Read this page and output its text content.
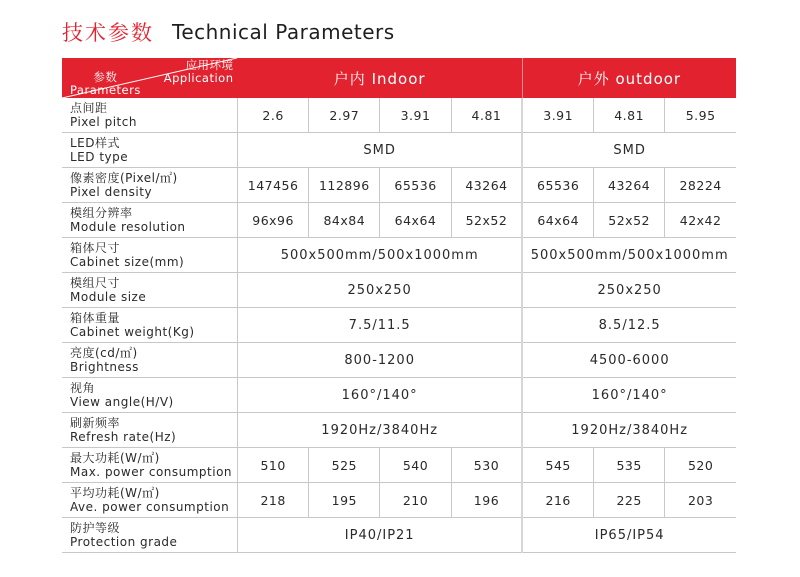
技术参数 Technical Parameters
应用环境
Application
参数
Parameters	户内 Indoor				户外 outdoor		

点间距
Pixel pitch	2.6	2.97	3.91	4.81	3.91	4.81	5.95

LED样式
LED type	SMD				SMD		

像素密度(Pixel/㎡)
Pixel density	147456	112896	65536	43264	65536	43264	28224

模组分辨率
Module resolution	96x96	84x84	64x64	52x52	64x64	52x52	42x42

箱体尺寸
Cabinet size(mm)	500x500mm/500x1000mm				500x500mm/500x1000mm		

模组尺寸
Module size	250x250				250x250		

箱体重量
Cabinet weight(Kg)	7.5/11.5				8.5/12.5		

亮度(cd/㎡)
Brightness	800-1200				4500-6000		

视角
View angle(H/V)	160°/140°				160°/140°		

刷新频率
Refresh rate(Hz)	1920Hz/3840Hz				1920Hz/3840Hz		

最大功耗(W/㎡)
Max. power consumption	510	525	540	530	545	535	520

平均功耗(W/㎡)
Ave. power consumption	218	195	210	196	216	225	203

防护等级
Protection grade	IP40/IP21				IP65/IP54		
